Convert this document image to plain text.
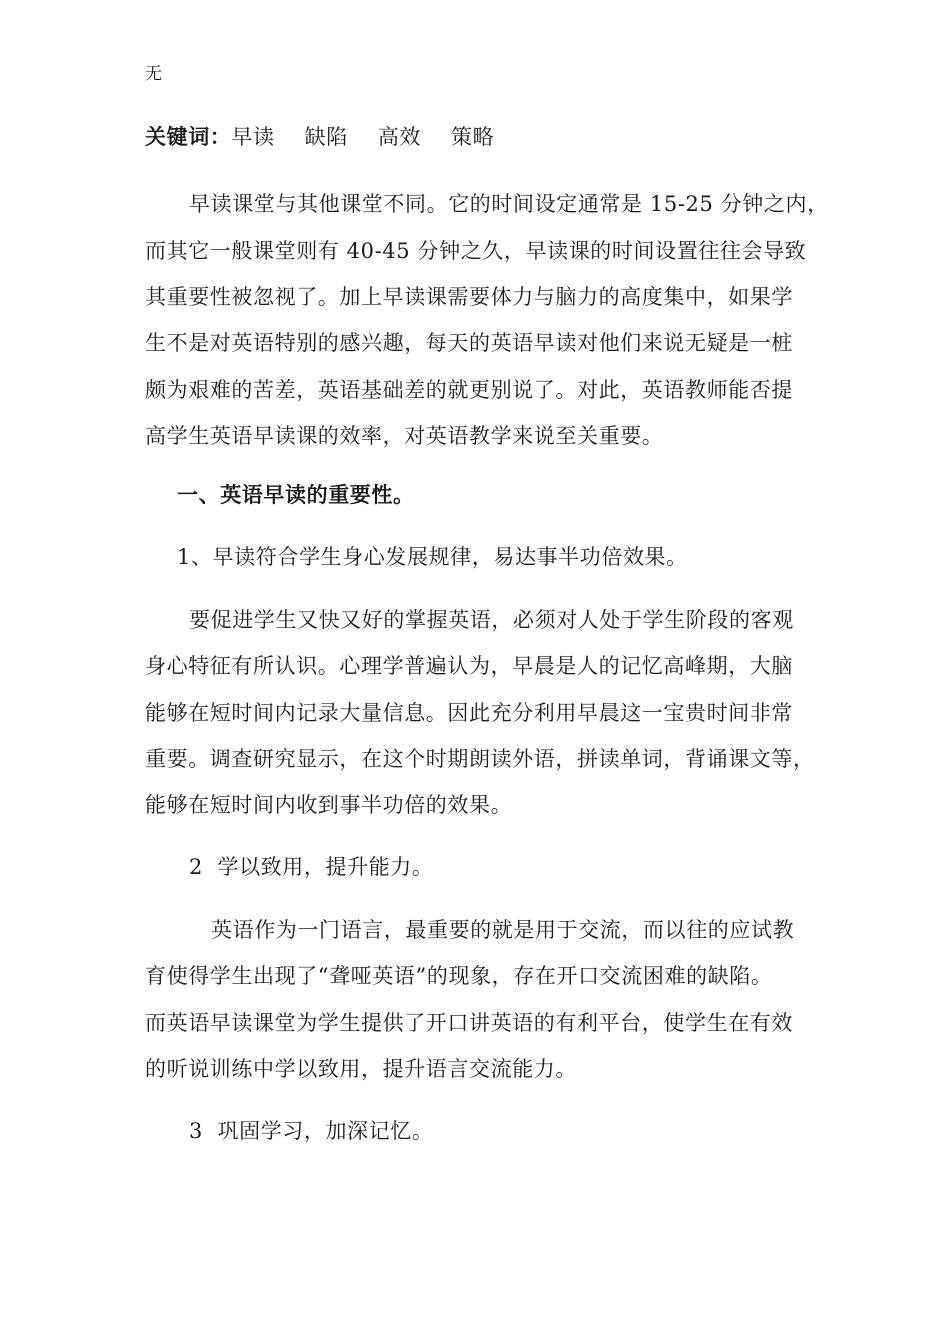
无
关键词：早读 缺陷 高效 策略
早读课堂与其他课堂不同。它的时间设定通常是 15-25 分钟之内，
而其它一般课堂则有 40-45 分钟之久，早读课的时间设置往往会导致
其重要性被忽视了。加上早读课需要体力与脑力的高度集中，如果学
生不是对英语特别的感兴趣，每天的英语早读对他们来说无疑是一桩
颇为艰难的苦差，英语基础差的就更别说了。对此，英语教师能否提
高学生英语早读课的效率，对英语教学来说至关重要。
一、英语早读的重要性。
1、早读符合学生身心发展规律，易达事半功倍效果。
要促进学生又快又好的掌握英语，必须对人处于学生阶段的客观
身心特征有所认识。心理学普遍认为，早晨是人的记忆高峰期，大脑
能够在短时间内记录大量信息。因此充分利用早晨这一宝贵时间非常
重要。调查研究显示，在这个时期朗读外语，拼读单词，背诵课文等，
能够在短时间内收到事半功倍的效果。
2  学以致用，提升能力。
英语作为一门语言，最重要的就是用于交流，而以往的应试教
育使得学生出现了“聋哑英语”的现象，存在开口交流困难的缺陷。
而英语早读课堂为学生提供了开口讲英语的有利平台，使学生在有效
的听说训练中学以致用，提升语言交流能力。
3  巩固学习，加深记忆。
